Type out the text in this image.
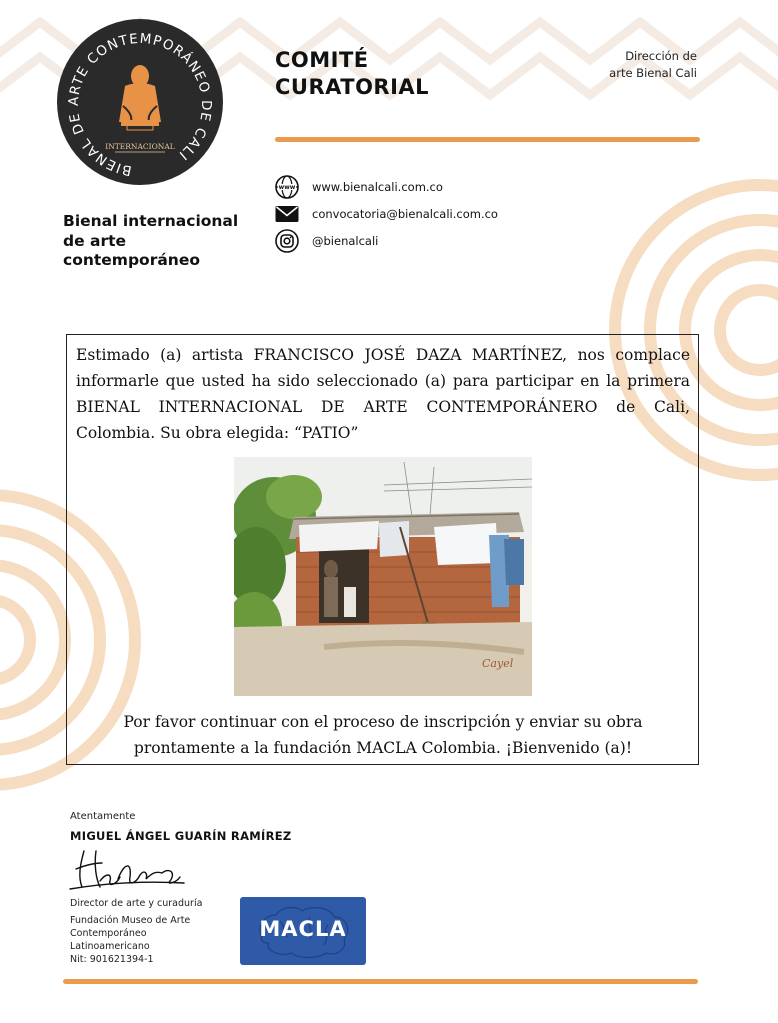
BIENAL DE ARTE CONTEMPORÁNEO DE CALI
INTERNACIONAL
Bienal internacional de arte contemporáneo
COMITÉ
CURATORIAL
Dirección de
arte Bienal Cali
www www.bienalcali.com.co
convocatoria@bienalcali.com.co
@bienalcali
Estimado (a) artista FRANCISCO JOSÉ DAZA MARTÍNEZ, nos complace informarle que usted ha sido seleccionado (a) para participar en la primera BIENAL INTERNACIONAL DE ARTE CONTEMPORÁNERO de Cali, Colombia. Su obra elegida: “PATIO”
Cayel
Por favor continuar con el proceso de inscripción y enviar su obra prontamente a la fundación MACLA Colombia. ¡Bienvenido (a)!
Atentamente
MIGUEL ÁNGEL GUARÍN RAMÍREZ
Director de arte y curaduría
Fundación Museo de Arte
Contemporáneo
Latinoamericano
Nit: 901621394-1
MACLA
